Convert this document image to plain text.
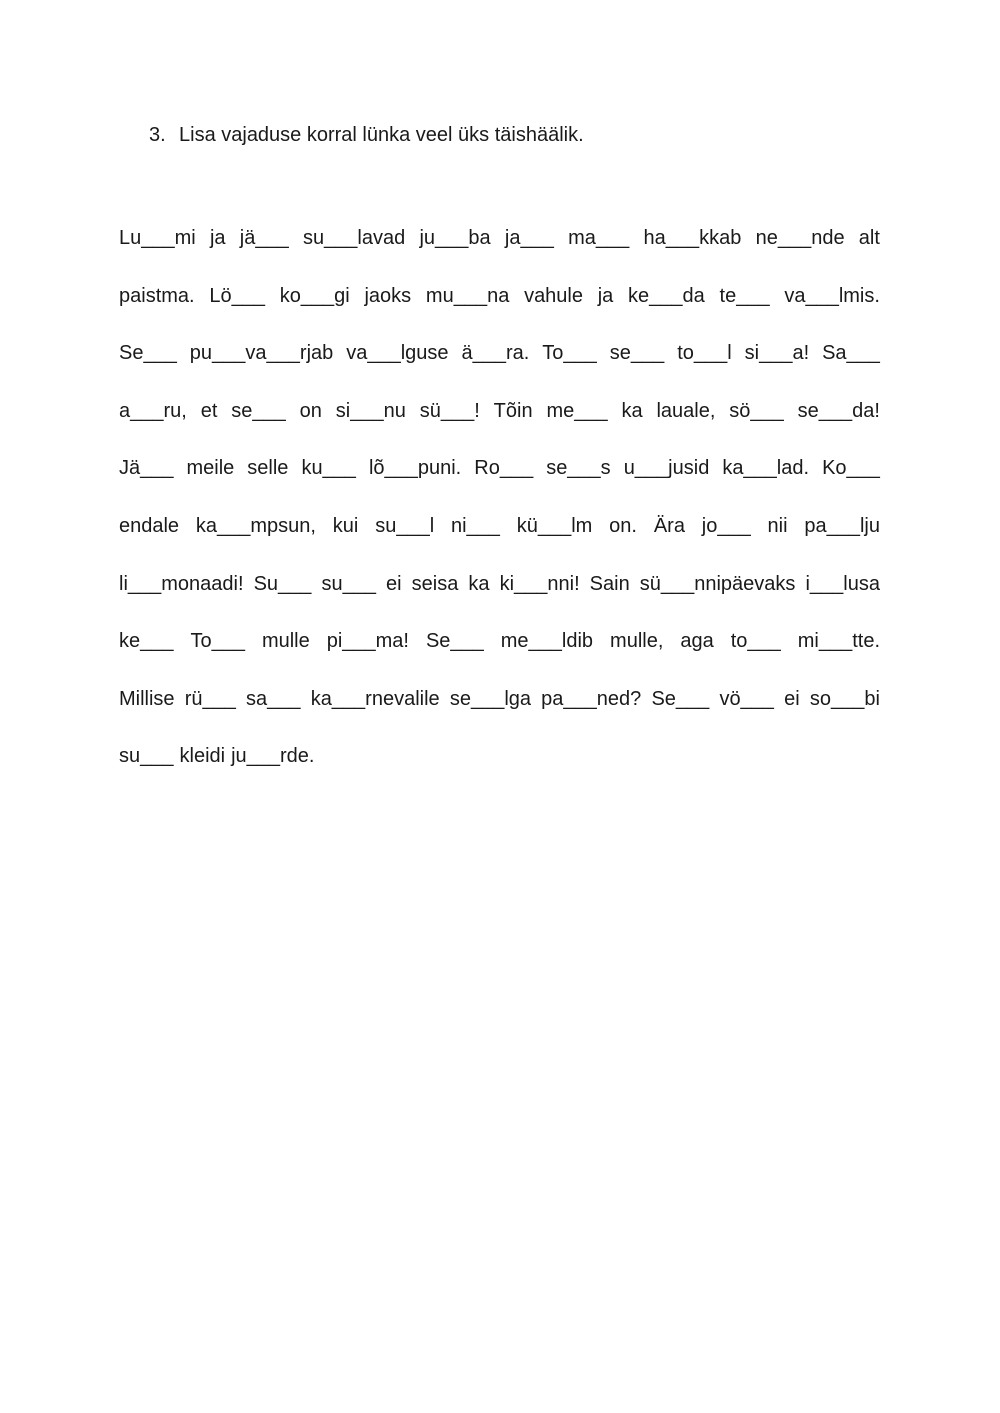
3. Lisa vajaduse korral lünka veel üks täishäälik.
Lu___mi ja jä___ su___lavad ju___ba ja___ ma___ ha___kkab ne___nde alt
paistma. Lö___ ko___gi jaoks mu___na vahule ja ke___da te___ va___lmis.
Se___ pu___va___rjab va___lguse ä___ra. To___ se___ to___l si___a! Sa___
a___ru, et se___ on si___nu sü___! Tõin me___ ka lauale, sö___ se___da!
Jä___ meile selle ku___ lõ___puni. Ro___ se___s u___jusid ka___lad. Ko___
endale ka___mpsun, kui su___l ni___ kü___lm on. Ära jo___ nii pa___lju
li___monaadi! Su___ su___ ei seisa ka ki___nni! Sain sü___nnipäevaks i___lusa
ke___ To___ mulle pi___ma! Se___ me___ldib mulle, aga to___ mi___tte.
Millise rü___ sa___ ka___rnevalile se___lga pa___ned? Se___ vö___ ei so___bi
su___ kleidi ju___rde.
